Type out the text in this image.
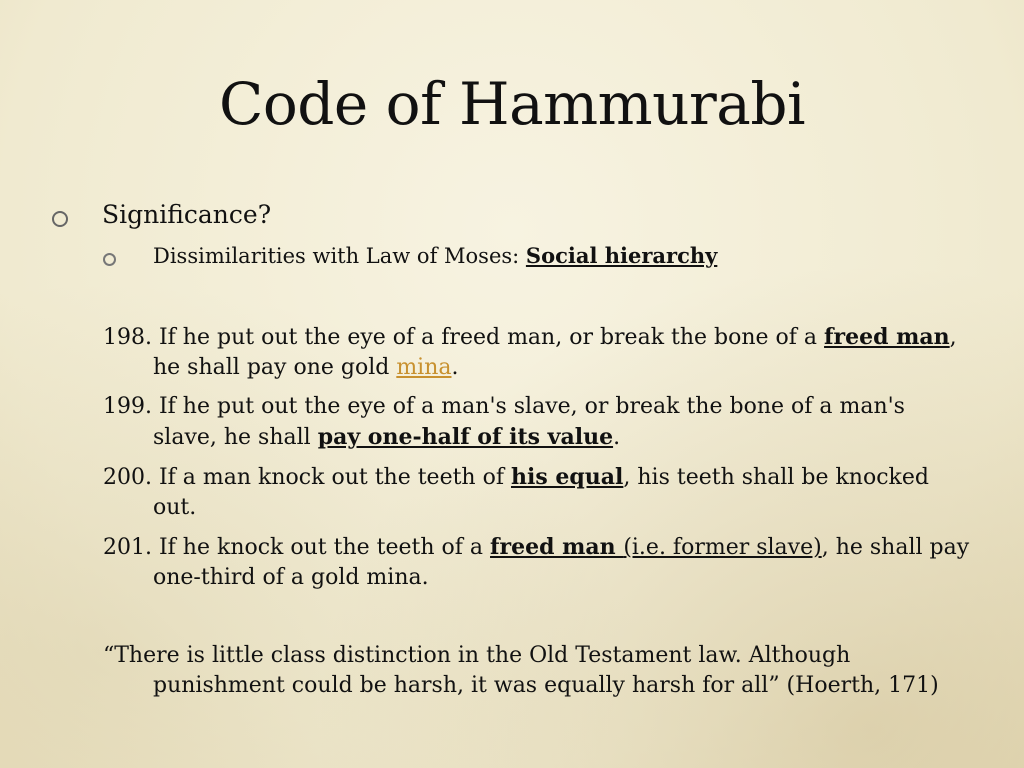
Code of Hammurabi
Significance?
Dissimilarities with Law of Moses: Social hierarchy

198. If he put out the eye of a freed man, or break the bone of a freed man, he shall pay one gold mina.

199. If he put out the eye of a man's slave, or break the bone of a man's slave, he shall pay one-half of its value.

200. If a man knock out the teeth of his equal, his teeth shall be knocked out.

201. If he knock out the teeth of a freed man (i.e. former slave), he shall pay one-third of a gold mina.

“There is little class distinction in the Old Testament law. Although punishment could be harsh, it was equally harsh for all” (Hoerth, 171)
